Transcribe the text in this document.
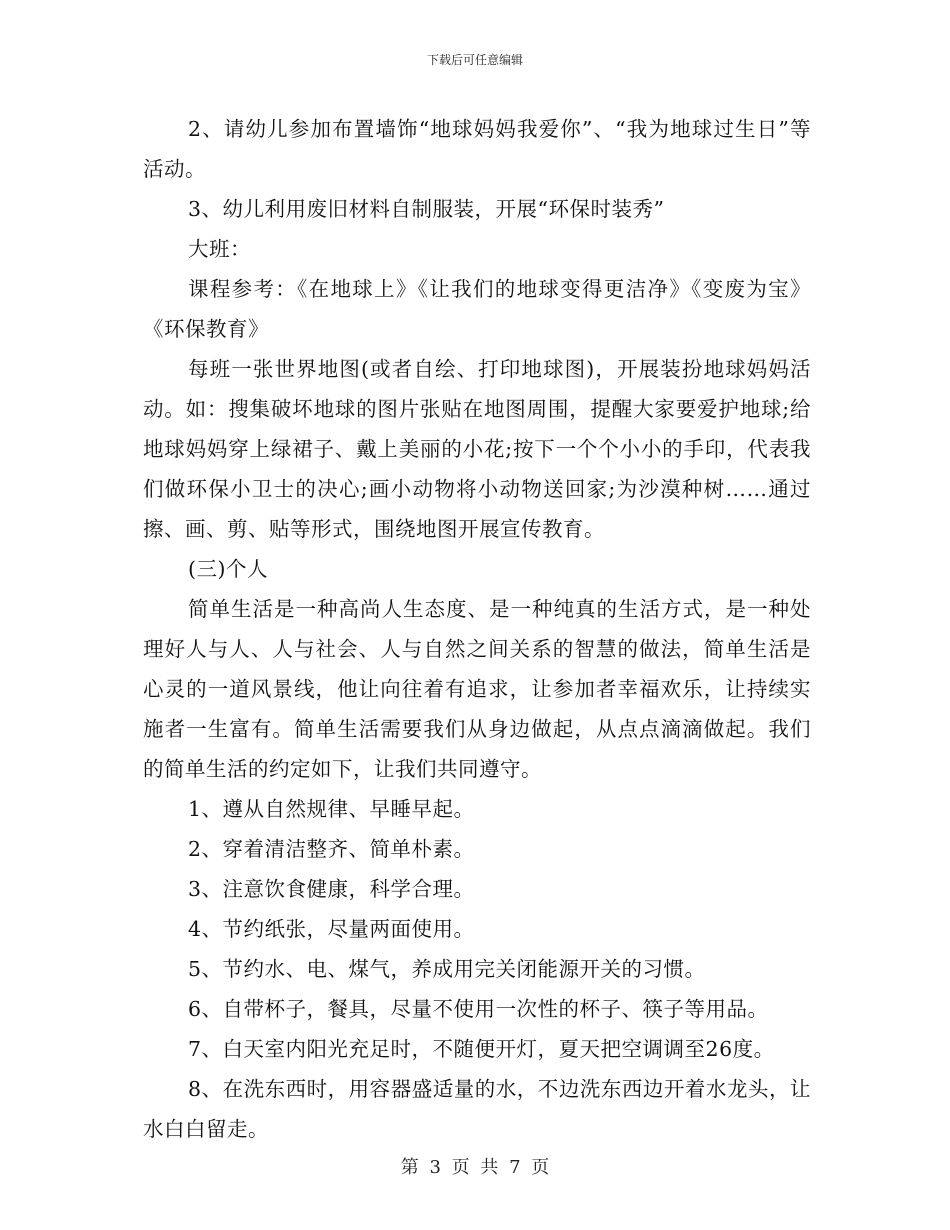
下载后可任意编辑

2、请幼儿参加布置墙饰“地球妈妈我爱你”、“我为地球过生日”等活动。

3、幼儿利用废旧材料自制服装，开展“环保时装秀”

大班：

课程参考：《在地球上》《让我们的地球变得更洁净》《变废为宝》《环保教育》

每班一张世界地图(或者自绘、打印地球图)，开展装扮地球妈妈活动。如：搜集破坏地球的图片张贴在地图周围，提醒大家要爱护地球;给地球妈妈穿上绿裙子、戴上美丽的小花;按下一个个小小的手印，代表我们做环保小卫士的决心;画小动物将小动物送回家;为沙漠种树……通过擦、画、剪、贴等形式，围绕地图开展宣传教育。

(三)个人

简单生活是一种高尚人生态度、是一种纯真的生活方式，是一种处理好人与人、人与社会、人与自然之间关系的智慧的做法，简单生活是心灵的一道风景线，他让向往着有追求，让参加者幸福欢乐，让持续实施者一生富有。简单生活需要我们从身边做起，从点点滴滴做起。我们的简单生活的约定如下，让我们共同遵守。

1、遵从自然规律、早睡早起。

2、穿着清洁整齐、简单朴素。

3、注意饮食健康，科学合理。

4、节约纸张，尽量两面使用。

5、节约水、电、煤气，养成用完关闭能源开关的习惯。

6、自带杯子，餐具，尽量不使用一次性的杯子、筷子等用品。

7、白天室内阳光充足时，不随便开灯，夏天把空调调至26度。

8、在洗东西时，用容器盛适量的水，不边洗东西边开着水龙头，让水白白留走。

第 3 页 共 7 页
